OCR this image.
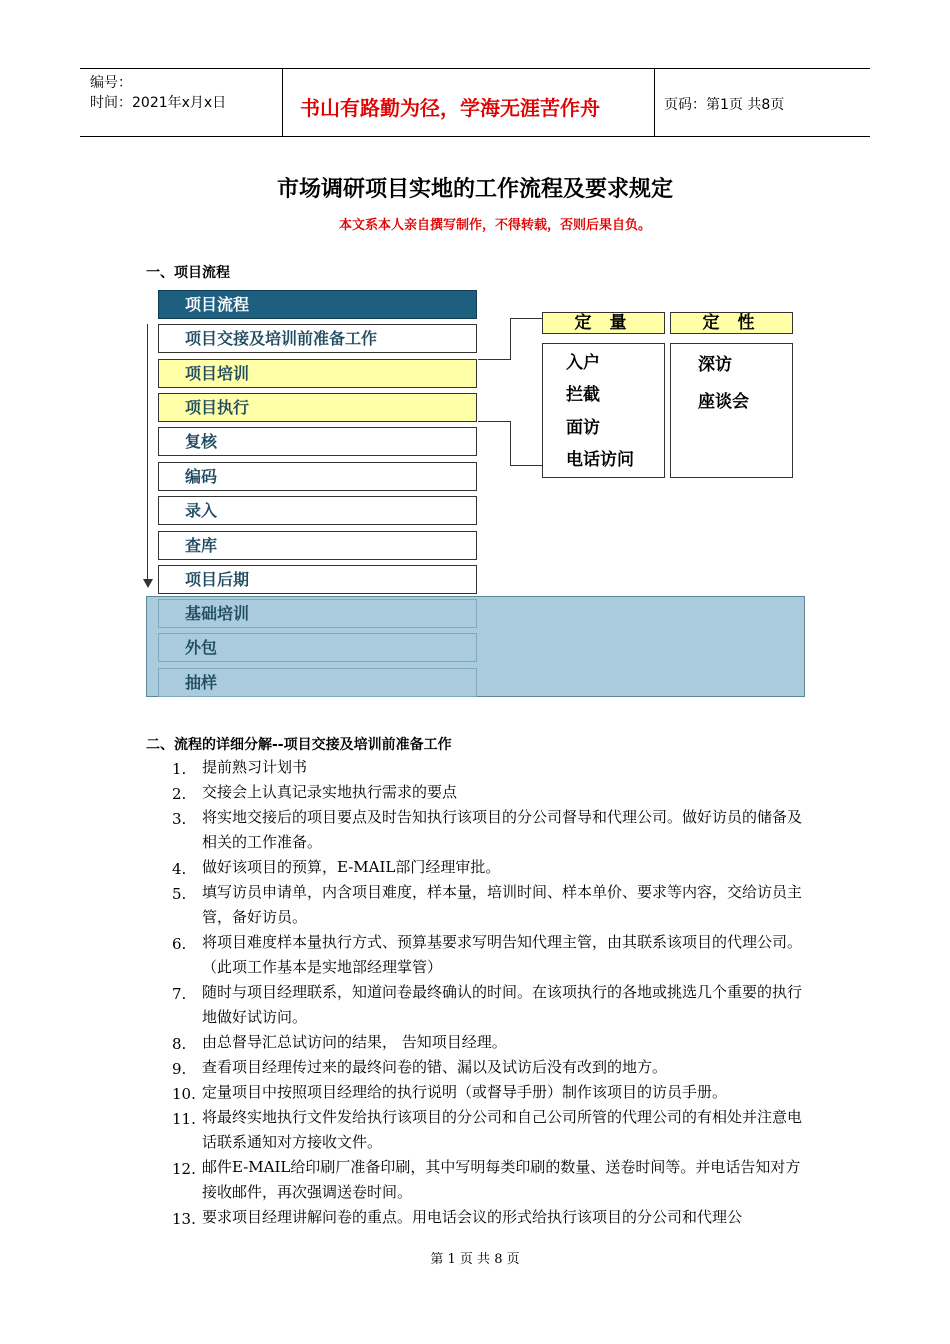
编号：
时间：2021年x月x日	书山有路勤为径，学海无涯苦作舟	页码：第1页 共8页
市场调研项目实地的工作流程及要求规定
本文系本人亲自撰写制作，不得转载，否则后果自负。
一、项目流程
项目流程
项目交接及培训前准备工作
项目培训
项目执行
复核
编码
录入
查库
项目后期
基础培训
外包
抽样
定 量
入户
拦截
面访
电话访问
定 性
深访
座谈会
二、流程的详细分解--项目交接及培训前准备工作
1. 提前熟习计划书
2. 交接会上认真记录实地执行需求的要点
3. 将实地交接后的项目要点及时告知执行该项目的分公司督导和代理公司。做好访员的储备及相关的工作准备。
4. 做好该项目的预算，E-MAIL部门经理审批。
5. 填写访员申请单，内含项目难度，样本量，培训时间、样本单价、要求等内容，交给访员主管，备好访员。
6. 将项目难度样本量执行方式、预算基要求写明告知代理主管，由其联系该项目的代理公司。（此项工作基本是实地部经理掌管）
7. 随时与项目经理联系，知道问卷最终确认的时间。在该项执行的各地或挑选几个重要的执行地做好试访问。
8. 由总督导汇总试访问的结果， 告知项目经理。
9. 查看项目经理传过来的最终问卷的错、漏以及试访后没有改到的地方。
10. 定量项目中按照项目经理给的执行说明（或督导手册）制作该项目的访员手册。
11. 将最终实地执行文件发给执行该项目的分公司和自己公司所管的代理公司的有相处并注意电话联系通知对方接收文件。
12. 邮件E-MAIL给印刷厂准备印刷，其中写明每类印刷的数量、送卷时间等。并电话告知对方接收邮件，再次强调送卷时间。
13. 要求项目经理讲解问卷的重点。用电话会议的形式给执行该项目的分公司和代理公
第 1 页 共 8 页
